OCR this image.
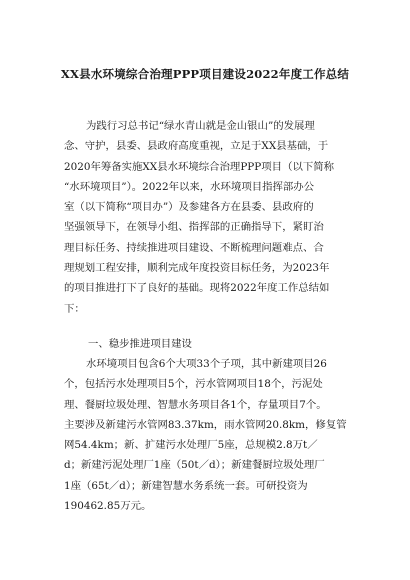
XX县水环境综合治理PPP项目建设2022年度工作总结
为践行习总书记“绿水青山就是金山银山”的发展理
念、守护，县委、县政府高度重视，立足于XX县基础，于
2020年筹备实施XX县水环境综合治理PPP项目（以下简称
“水环境项目”）。2022年以来，水环境项目指挥部办公
室（以下简称“项目办”）及参建各方在县委、县政府的
坚强领导下，在领导小组、指挥部的正确指导下，紧盯治
理目标任务、持续推进项目建设、不断梳理问题难点、合
理规划工程安排，顺利完成年度投资目标任务，为2023年
的项目推进打下了良好的基础。现将2022年度工作总结如
下：
一、稳步推进项目建设
水环境项目包含6个大项33个子项，其中新建项目26
个，包括污水处理项目5个，污水管网项目18个，污泥处
理、餐厨垃圾处理、智慧水务项目各1个，存量项目7个。
主要涉及新建污水管网83.37km，雨水管网20.8km，修复管
网54.4km；新、扩建污水处理厂5座，总规模2.8万t／
d；新建污泥处理厂1座（50t／d）；新建餐厨垃圾处理厂
1座（65t／d）；新建智慧水务系统一套。可研投资为
190462.85万元。
